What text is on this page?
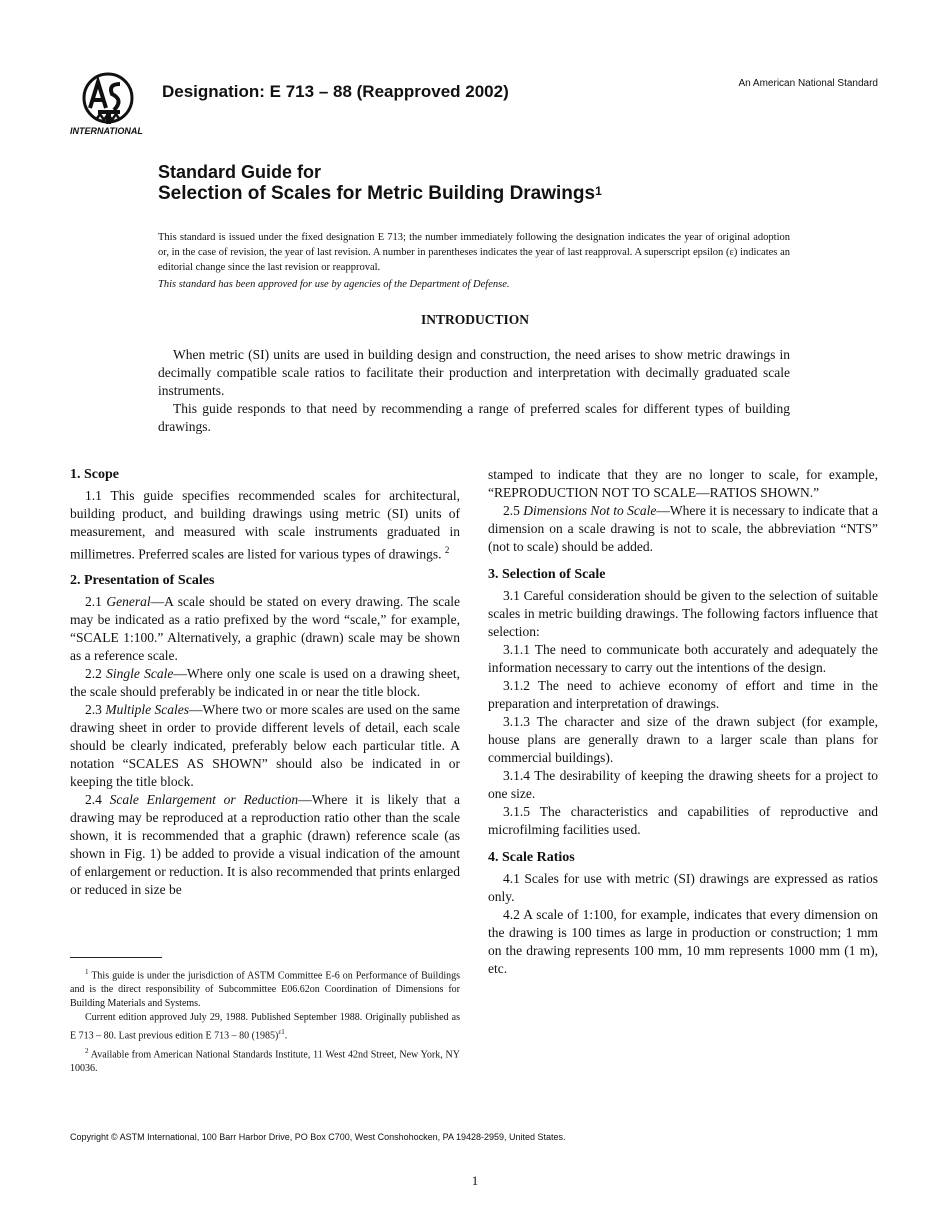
INTERNATIONAL
Designation: E 713 – 88 (Reapproved 2002)	An American National Standard
Standard Guide for
Selection of Scales for Metric Building Drawings$^1$
This standard is issued under the fixed designation E 713; the number immediately following the designation indicates the year of original adoption or, in the case of revision, the year of last revision. A number in parentheses indicates the year of last reapproval. A superscript epsilon (ε) indicates an editorial change since the last revision or reapproval.
This standard has been approved for use by agencies of the Department of Defense.
INTRODUCTION

When metric (SI) units are used in building design and construction, the need arises to show metric drawings in decimally compatible scale ratios to facilitate their production and interpretation with decimally graduated scale instruments.

This guide responds to that need by recommending a range of preferred scales for different types of building drawings.

1. Scope

1.1 This guide specifies recommended scales for architectural, building product, and building drawings using metric (SI) units of measurement, and measured with scale instruments graduated in millimetres. Preferred scales are listed for various types of drawings. $^2$

2. Presentation of Scales

2.1 General—A scale should be stated on every drawing. The scale may be indicated as a ratio prefixed by the word “scale,” for example, “SCALE 1:100.” Alternatively, a graphic (drawn) scale may be shown as a reference scale.

2.2 Single Scale—Where only one scale is used on a drawing sheet, the scale should preferably be indicated in or near the title block.

2.3 Multiple Scales—Where two or more scales are used on the same drawing sheet in order to provide different levels of detail, each scale should be clearly indicated, preferably below each particular title. A notation “SCALES AS SHOWN” should also be indicated in or keeping the title block.

2.4 Scale Enlargement or Reduction—Where it is likely that a drawing may be reproduced at a reproduction ratio other than the scale shown, it is recommended that a graphic (drawn) reference scale (as shown in Fig. 1) be added to provide a visual indication of the amount of enlargement or reduction. It is also recommended that prints enlarged or reduced in size be

stamped to indicate that they are no longer to scale, for example, “REPRODUCTION NOT TO SCALE—RATIOS SHOWN.”

2.5 Dimensions Not to Scale—Where it is necessary to indicate that a dimension on a scale drawing is not to scale, the abbreviation “NTS” (not to scale) should be added.

3. Selection of Scale

3.1 Careful consideration should be given to the selection of suitable scales in metric building drawings. The following factors influence that selection:

3.1.1 The need to communicate both accurately and adequately the information necessary to carry out the intentions of the design.

3.1.2 The need to achieve economy of effort and time in the preparation and interpretation of drawings.

3.1.3 The character and size of the drawn subject (for example, house plans are generally drawn to a larger scale than plans for commercial buildings).

3.1.4 The desirability of keeping the drawing sheets for a project to one size.

3.1.5 The characteristics and capabilities of reproductive and microfilming facilities used.

4. Scale Ratios

4.1 Scales for use with metric (SI) drawings are expressed as ratios only.

4.2 A scale of 1:100, for example, indicates that every dimension on the drawing is 100 times as large in production or construction; 1 mm on the drawing represents 100 mm, 10 mm represents 1000 mm (1 m), etc.

$^1$ This guide is under the jurisdiction of ASTM Committee E-6 on Performance of Buildings and is the direct responsibility of Subcommittee E06.62on Coordination of Dimensions for Building Materials and Systems.

Current edition approved July 29, 1988. Published September 1988. Originally published as E 713 – 80. Last previous edition E 713 – 80 $(1985)^{\varepsilon 1}$.

$^2$ Available from American National Standards Institute, 11 West 42nd Street, New York, NY 10036.

Copyright © ASTM International, 100 Barr Harbor Drive, PO Box C700, West Conshohocken, PA 19428-2959, United States.
1
